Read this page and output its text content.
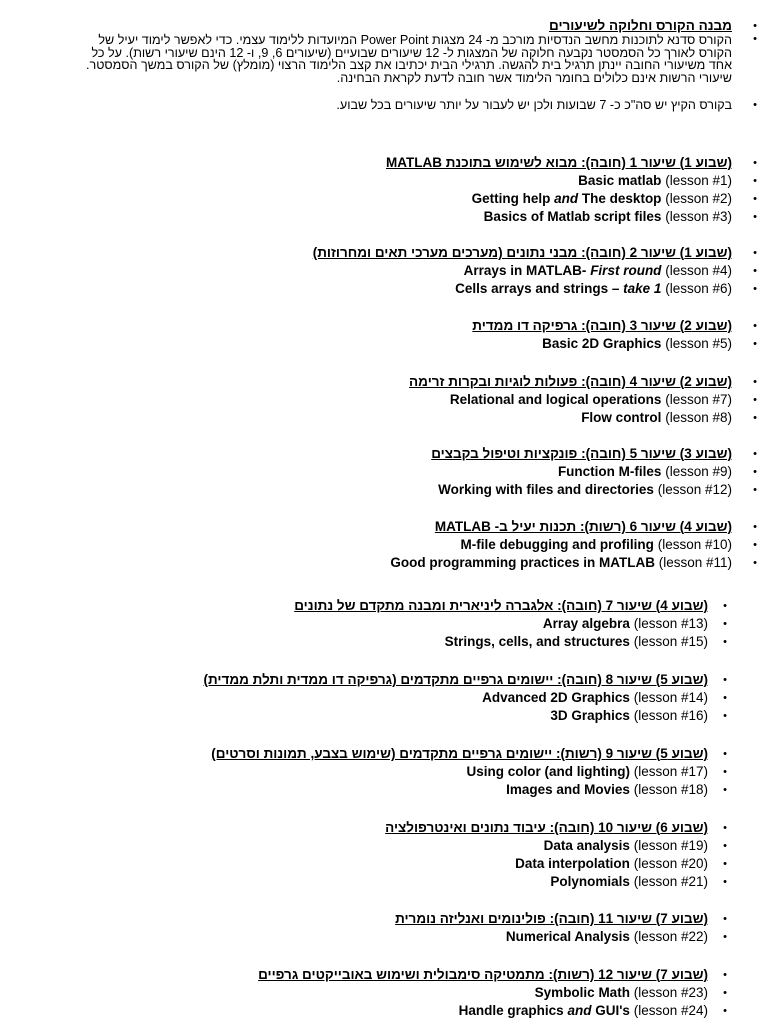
•
מבנה הקורס וחלוקה לשיעורים
הקורס סדנא לתוכנות מחשב הנדסיות מורכב מ- 24 מצגות Power Point המיועדות ללימוד עצמי. כדי לאפשר לימוד יעיל של
הקורס לאורך כל הסמסטר נקבעה חלוקה של המצגות ל- 12 שיעורים שבועיים (שיעורים 6, 9, ו- 12 הינם שיעורי רשות). על כל
אחד משיעורי החובה יינתן תרגיל בית להגשה. תרגילי הבית יכתיבו את קצב הלימוד הרצוי (מומלץ) של הקורס במשך הסמסטר.
שיעורי הרשות אינם כלולים בחומר הלימוד אשר חובה לדעת לקראת הבחינה.
•
•
בקורס הקיץ יש סה"כ כ- 7 שבועות ולכן יש לעבור על יותר שיעורים בכל שבוע.
•
(שבוע 1) שיעור 1 (חובה): מבוא לשימוש בתוכנת MATLAB
•
Basic matlab (lesson #1)
•
Getting help and The desktop (lesson #2)
•
Basics of Matlab script files (lesson #3)
•
(שבוע 1) שיעור 2 (חובה): מבני נתונים (מערכים מערכי תאים ומחרוזות)
•
Arrays in MATLAB- First round (lesson #4)
•
Cells arrays and strings – take 1 (lesson #6)
•
(שבוע 2) שיעור 3 (חובה): גרפיקה דו ממדית
•
Basic 2D Graphics (lesson #5)
•
(שבוע 2) שיעור 4 (חובה): פעולות לוגיות ובקרות זרימה
•
Relational and logical operations (lesson #7)
•
Flow control (lesson #8)
•
(שבוע 3) שיעור 5 (חובה): פונקציות וטיפול בקבצים
•
Function M-files (lesson #9)
•
Working with files and directories (lesson #12)
•
(שבוע 4) שיעור 6 (רשות): תכנות יעיל ב- MATLAB
•
M-file debugging and profiling (lesson #10)
•
Good programming practices in MATLAB (lesson #11)
•
(שבוע 4) שיעור 7 (חובה): אלגברה ליניארית ומבנה מתקדם של נתונים
•
Array algebra (lesson #13)
•
Strings, cells, and structures (lesson #15)
•
(שבוע 5) שיעור 8 (חובה): יישומים גרפיים מתקדמים (גרפיקה דו ממדית ותלת ממדית)
•
Advanced 2D Graphics (lesson #14)
•
3D Graphics (lesson #16)
•
(שבוע 5) שיעור 9 (רשות): יישומים גרפיים מתקדמים (שימוש בצבע, תמונות וסרטים)
•
Using color (and lighting) (lesson #17)
•
Images and Movies (lesson #18)
•
(שבוע 6) שיעור 10 (חובה): עיבוד נתונים ואינטרפולציה
•
Data analysis (lesson #19)
•
Data interpolation (lesson #20)
•
Polynomials (lesson #21)
•
(שבוע 7) שיעור 11 (חובה): פולינומים ואנליזה נומרית
•
Numerical Analysis (lesson #22)
•
(שבוע 7) שיעור 12 (רשות): מתמטיקה סימבולית ושימוש באובייקטים גרפיים
•
Symbolic Math (lesson #23)
•
Handle graphics and GUI's (lesson #24)
